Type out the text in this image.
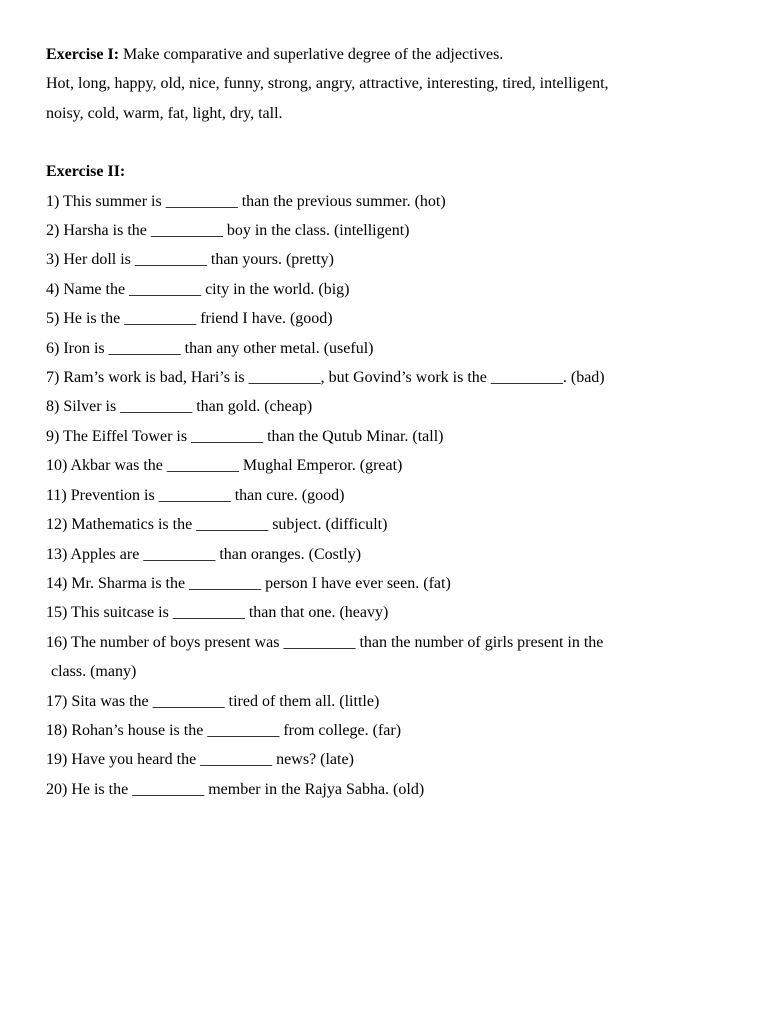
Exercise I: Make comparative and superlative degree of the adjectives.

Hot, long, happy, old, nice, funny, strong, angry, attractive, interesting, tired, intelligent,

noisy, cold, warm, fat, light, dry, tall.

Exercise II:

1) This summer is _________ than the previous summer. (hot)

2) Harsha is the _________ boy in the class. (intelligent)

3) Her doll is _________ than yours. (pretty)

4) Name the _________ city in the world. (big)

5) He is the _________ friend I have. (good)

6) Iron is _________ than any other metal. (useful)

7) Ram’s work is bad, Hari’s is _________, but Govind’s work is the _________. (bad)

8) Silver is _________ than gold. (cheap)

9) The Eiffel Tower is _________ than the Qutub Minar. (tall)

10) Akbar was the _________ Mughal Emperor. (great)

11) Prevention is _________ than cure. (good)

12) Mathematics is the _________ subject. (difficult)

13) Apples are _________ than oranges. (Costly)

14) Mr. Sharma is the _________ person I have ever seen. (fat)

15) This suitcase is _________ than that one. (heavy)

16) The number of boys present was _________ than the number of girls present in the

class. (many)

17) Sita was the _________ tired of them all. (little)

18) Rohan’s house is the _________ from college. (far)

19) Have you heard the _________ news? (late)

20) He is the _________ member in the Rajya Sabha. (old)
